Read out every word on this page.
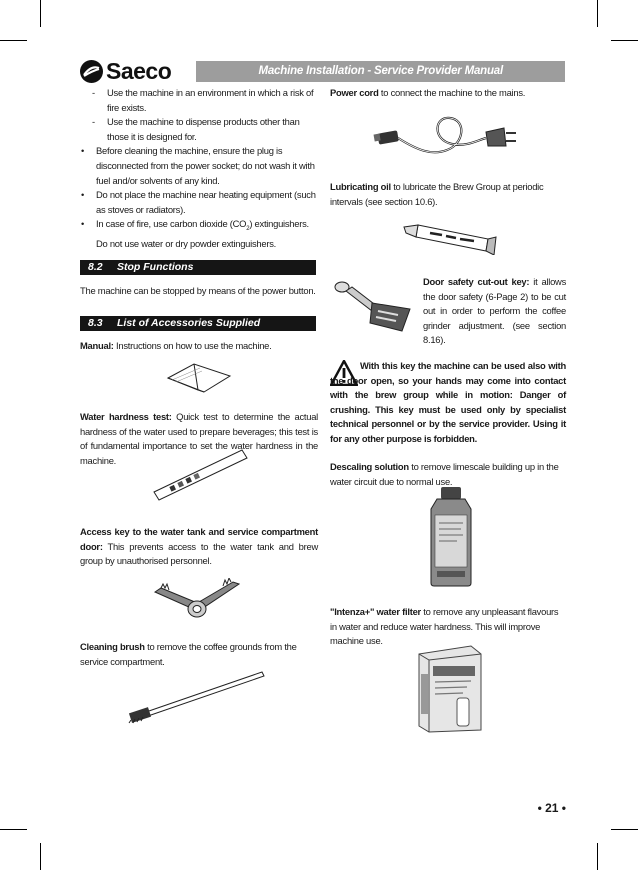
Saeco	Machine Installation - Service Provider Manual
- Use the machine in an environment in which a risk of fire exists.
- Use the machine to dispense products other than those it is designed for.
• Before cleaning the machine, ensure the plug is disconnected from the power socket; do not wash it with fuel and/or solvents of any kind.
• Do not place the machine near heating equipment (such as stoves or radiators).
• In case of fire, use carbon dioxide $(CO_2)$ extinguishers. Do not use water or dry powder extinguishers.
8.2 Stop Functions
The machine can be stopped by means of the power button.
8.3 List of Accessories Supplied
Manual: Instructions on how to use the machine.
Water hardness test: Quick test to determine the actual hardness of the water used to prepare beverages; this test is of fundamental importance to set the water hardness in the machine.
Access key to the water tank and service compartment door: This prevents access to the water tank and brew group by unauthorised personnel.
Cleaning brush to remove the coffee grounds from the service compartment.
Power cord to connect the machine to the mains.
Lubricating oil to lubricate the Brew Group at periodic intervals (see section 10.6).
Door safety cut-out key: it allows the door safety (6-Page 2) to be cut out in order to perform the coffee grinder adjustment. (see section 8.16).
With this key the machine can be used also with the door open, so your hands may come into contact with the brew group while in motion: Danger of crushing. This key must be used only by specialist technical personnel or by the service provider. Using it for any other purpose is forbidden.
Descaling solution to remove limescale building up in the water circuit due to normal use.
"Intenza+" water filter to remove any unpleasant flavours in water and reduce water hardness. This will improve machine use.
• 21 •
